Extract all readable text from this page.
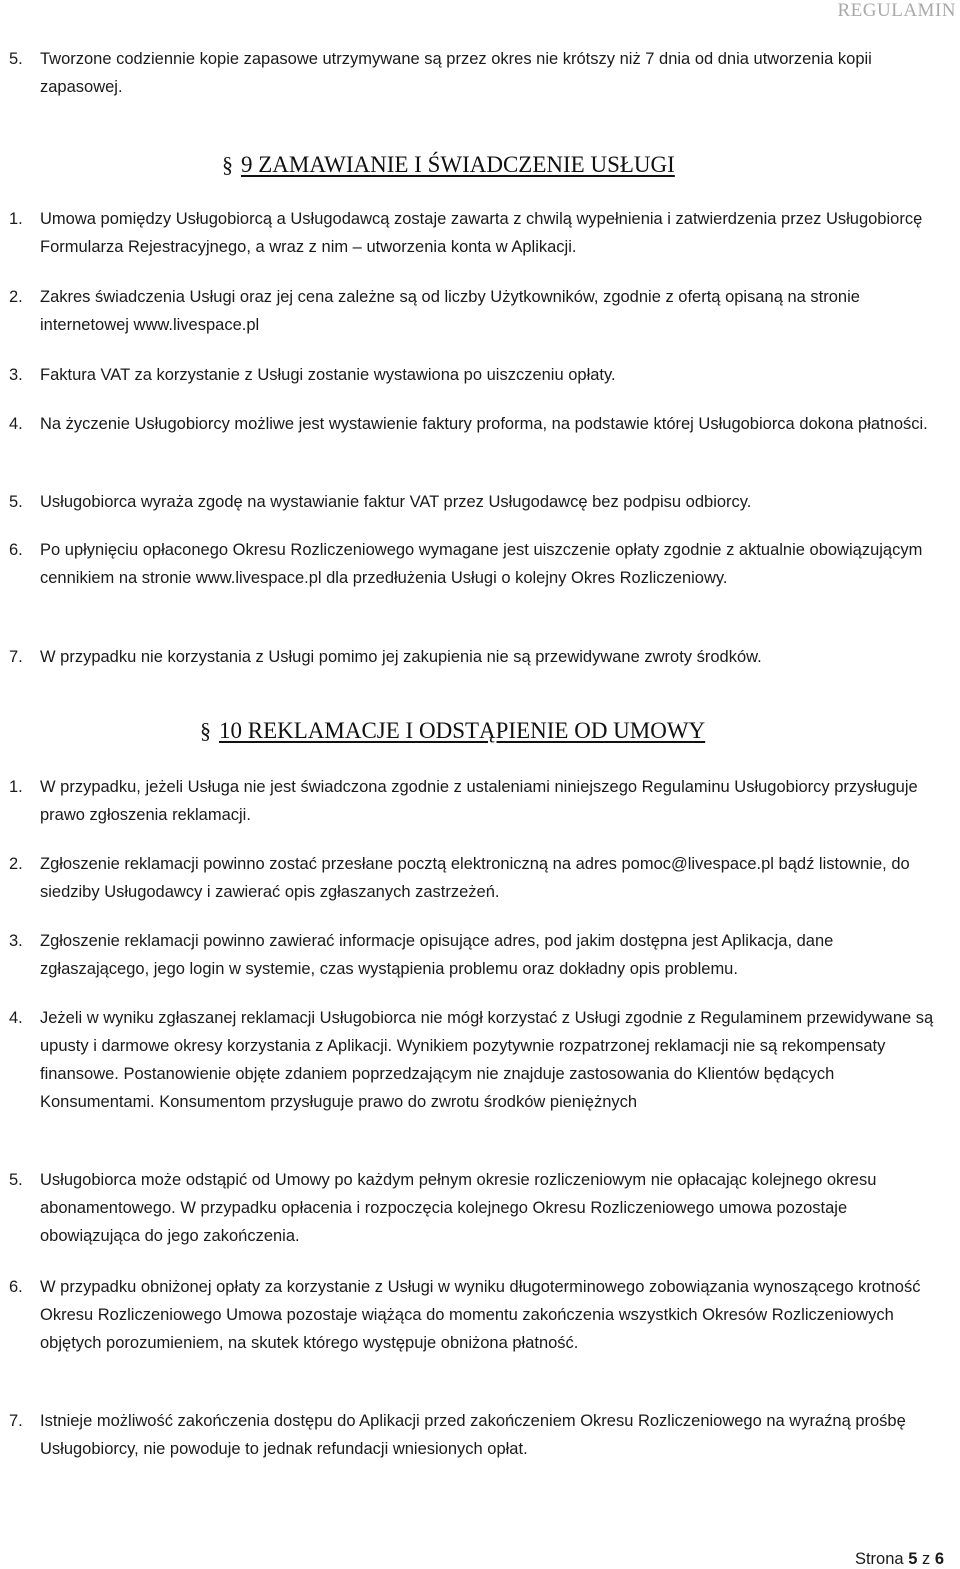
REGULAMIN
5. Tworzone codziennie kopie zapasowe utrzymywane są przez okres nie krótszy niż 7 dnia od dnia utworzenia kopii zapasowej.
§ 9 ZAMAWIANIE I ŚWIADCZENIE USŁUGI
1. Umowa pomiędzy Usługobiorcą a Usługodawcą zostaje zawarta z chwilą wypełnienia i zatwierdzenia przez Usługobiorcę Formularza Rejestracyjnego, a wraz z nim – utworzenia konta w Aplikacji.
2. Zakres świadczenia Usługi oraz jej cena zależne są od liczby Użytkowników, zgodnie z ofertą opisaną na stronie internetowej www.livespace.pl
3. Faktura VAT za korzystanie z Usługi zostanie wystawiona po uiszczeniu opłaty.
4. Na życzenie Usługobiorcy możliwe jest wystawienie faktury proforma, na podstawie której Usługobiorca dokona płatności.
5. Usługobiorca wyraża zgodę na wystawianie faktur VAT przez Usługodawcę bez podpisu odbiorcy.
6. Po upłynięciu opłaconego Okresu Rozliczeniowego wymagane jest uiszczenie opłaty zgodnie z aktualnie obowiązującym cennikiem na stronie www.livespace.pl dla przedłużenia Usługi o kolejny Okres Rozliczeniowy.
7. W przypadku nie korzystania z Usługi pomimo jej zakupienia nie są przewidywane zwroty środków.
§ 10 REKLAMACJE I ODSTĄPIENIE OD UMOWY
1. W przypadku, jeżeli Usługa nie jest świadczona zgodnie z ustaleniami niniejszego Regulaminu Usługobiorcy przysługuje prawo zgłoszenia reklamacji.
2. Zgłoszenie reklamacji powinno zostać przesłane pocztą elektroniczną na adres pomoc@livespace.pl bądź listownie, do siedziby Usługodawcy i zawierać opis zgłaszanych zastrzeżeń.
3. Zgłoszenie reklamacji powinno zawierać informacje opisujące adres, pod jakim dostępna jest Aplikacja, dane zgłaszającego, jego login w systemie, czas wystąpienia problemu oraz dokładny opis problemu.
4. Jeżeli w wyniku zgłaszanej reklamacji Usługobiorca nie mógł korzystać z Usługi zgodnie z Regulaminem przewidywane są upusty i darmowe okresy korzystania z Aplikacji. Wynikiem pozytywnie rozpatrzonej reklamacji nie są rekompensaty finansowe. Postanowienie objęte zdaniem poprzedzającym nie znajduje zastosowania do Klientów będących Konsumentami. Konsumentom przysługuje prawo do zwrotu środków pieniężnych
5. Usługobiorca może odstąpić od Umowy po każdym pełnym okresie rozliczeniowym nie opłacając kolejnego okresu abonamentowego. W przypadku opłacenia i rozpoczęcia kolejnego Okresu Rozliczeniowego umowa pozostaje obowiązująca do jego zakończenia.
6. W przypadku obniżonej opłaty za korzystanie z Usługi w wyniku długoterminowego zobowiązania wynoszącego krotność Okresu Rozliczeniowego Umowa pozostaje wiążąca do momentu zakończenia wszystkich Okresów Rozliczeniowych objętych porozumieniem, na skutek którego występuje obniżona płatność.
7. Istnieje możliwość zakończenia dostępu do Aplikacji przed zakończeniem Okresu Rozliczeniowego na wyraźną prośbę Usługobiorcy, nie powoduje to jednak refundacji wniesionych opłat.
Strona 5 z 6
